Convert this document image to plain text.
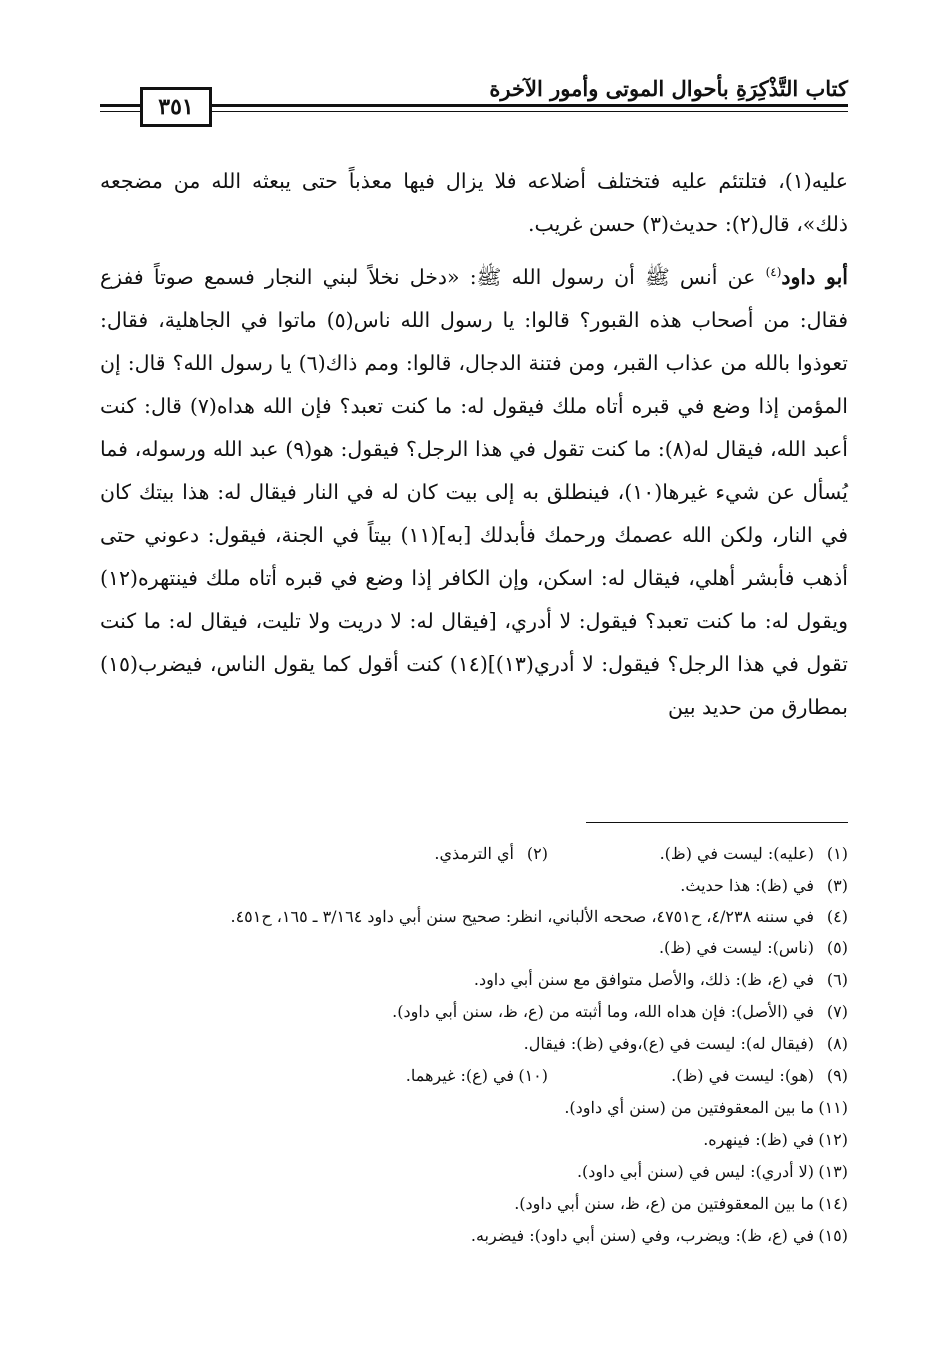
كتاب التَّذْكِرَةِ بأحوال الموتى وأمور الآخرة
٣٥١

عليه(١)، فتلتئم عليه فتختلف أضلاعه فلا يزال فيها معذباً حتى يبعثه الله من مضجعه ذلك»، قال(٢): حديث(٣) حسن غريب.

أبو داود$^{(٤)}$ عن أنس ﷺ أن رسول الله ﷺ: «دخل نخلاً لبني النجار فسمع صوتاً ففزع فقال: من أصحاب هذه القبور؟ قالوا: يا رسول الله ناس(٥) ماتوا في الجاهلية، فقال: تعوذوا بالله من عذاب القبر، ومن فتنة الدجال، قالوا: ومم ذاك(٦) يا رسول الله؟ قال: إن المؤمن إذا وضع في قبره أتاه ملك فيقول له: ما كنت تعبد؟ فإن الله هداه(٧) قال: كنت أعبد الله، فيقال له(٨): ما كنت تقول في هذا الرجل؟ فيقول: هو(٩) عبد الله ورسوله، فما يُسأل عن شيء غيرها(١٠)، فينطلق به إلى بيت كان له في النار فيقال له: هذا بيتك كان في النار، ولكن الله عصمك ورحمك فأبدلك [به](١١) بيتاً في الجنة، فيقول: دعوني حتى أذهب فأبشر أهلي، فيقال له: اسكن، وإن الكافر إذا وضع في قبره أتاه ملك فينتهره(١٢) ويقول له: ما كنت تعبد؟ فيقول: لا أدري، [فيقال له: لا دريت ولا تليت، فيقال له: ما كنت تقول في هذا الرجل؟ فيقول: لا أدري(١٣)](١٤) كنت أقول كما يقول الناس، فيضرب(١٥) بمطارق من حديد بين

(١)
(عليه): ليست في (ظ).
(٢)
أي الترمذي.
(٣)
في (ظ): هذا حديث.
(٤)
في سننه ٤/٢٣٨، ح٤٧٥١، صححه الألباني، انظر: صحيح سنن أبي داود ٣/١٦٤ ـ ١٦٥، ح٤٥١.
(٥)
(ناس): ليست في (ظ).
(٦)
في (ع، ظ): ذلك، والأصل متوافق مع سنن أبي داود.
(٧)
في (الأصل): فإن هداه الله، وما أثبته من (ع، ظ، سنن أبي داود).
(٨)
(فيقال له): ليست في (ع)،وفي (ظ): فيقال.
(٩)
(هو): ليست في (ظ).
(١٠)
في (ع): غيرهما.
(١١)
ما بين المعقوفتين من (سنن أي داود).
(١٢)
في (ظ): فينهره.
(١٣)
(لا أدري): ليس في (سنن أبي داود).
(١٤)
ما بين المعقوفتين من (ع، ظ، سنن أبي داود).
(١٥)
في (ع، ظ): ويضرب، وفي (سنن أبي داود): فيضربه.
